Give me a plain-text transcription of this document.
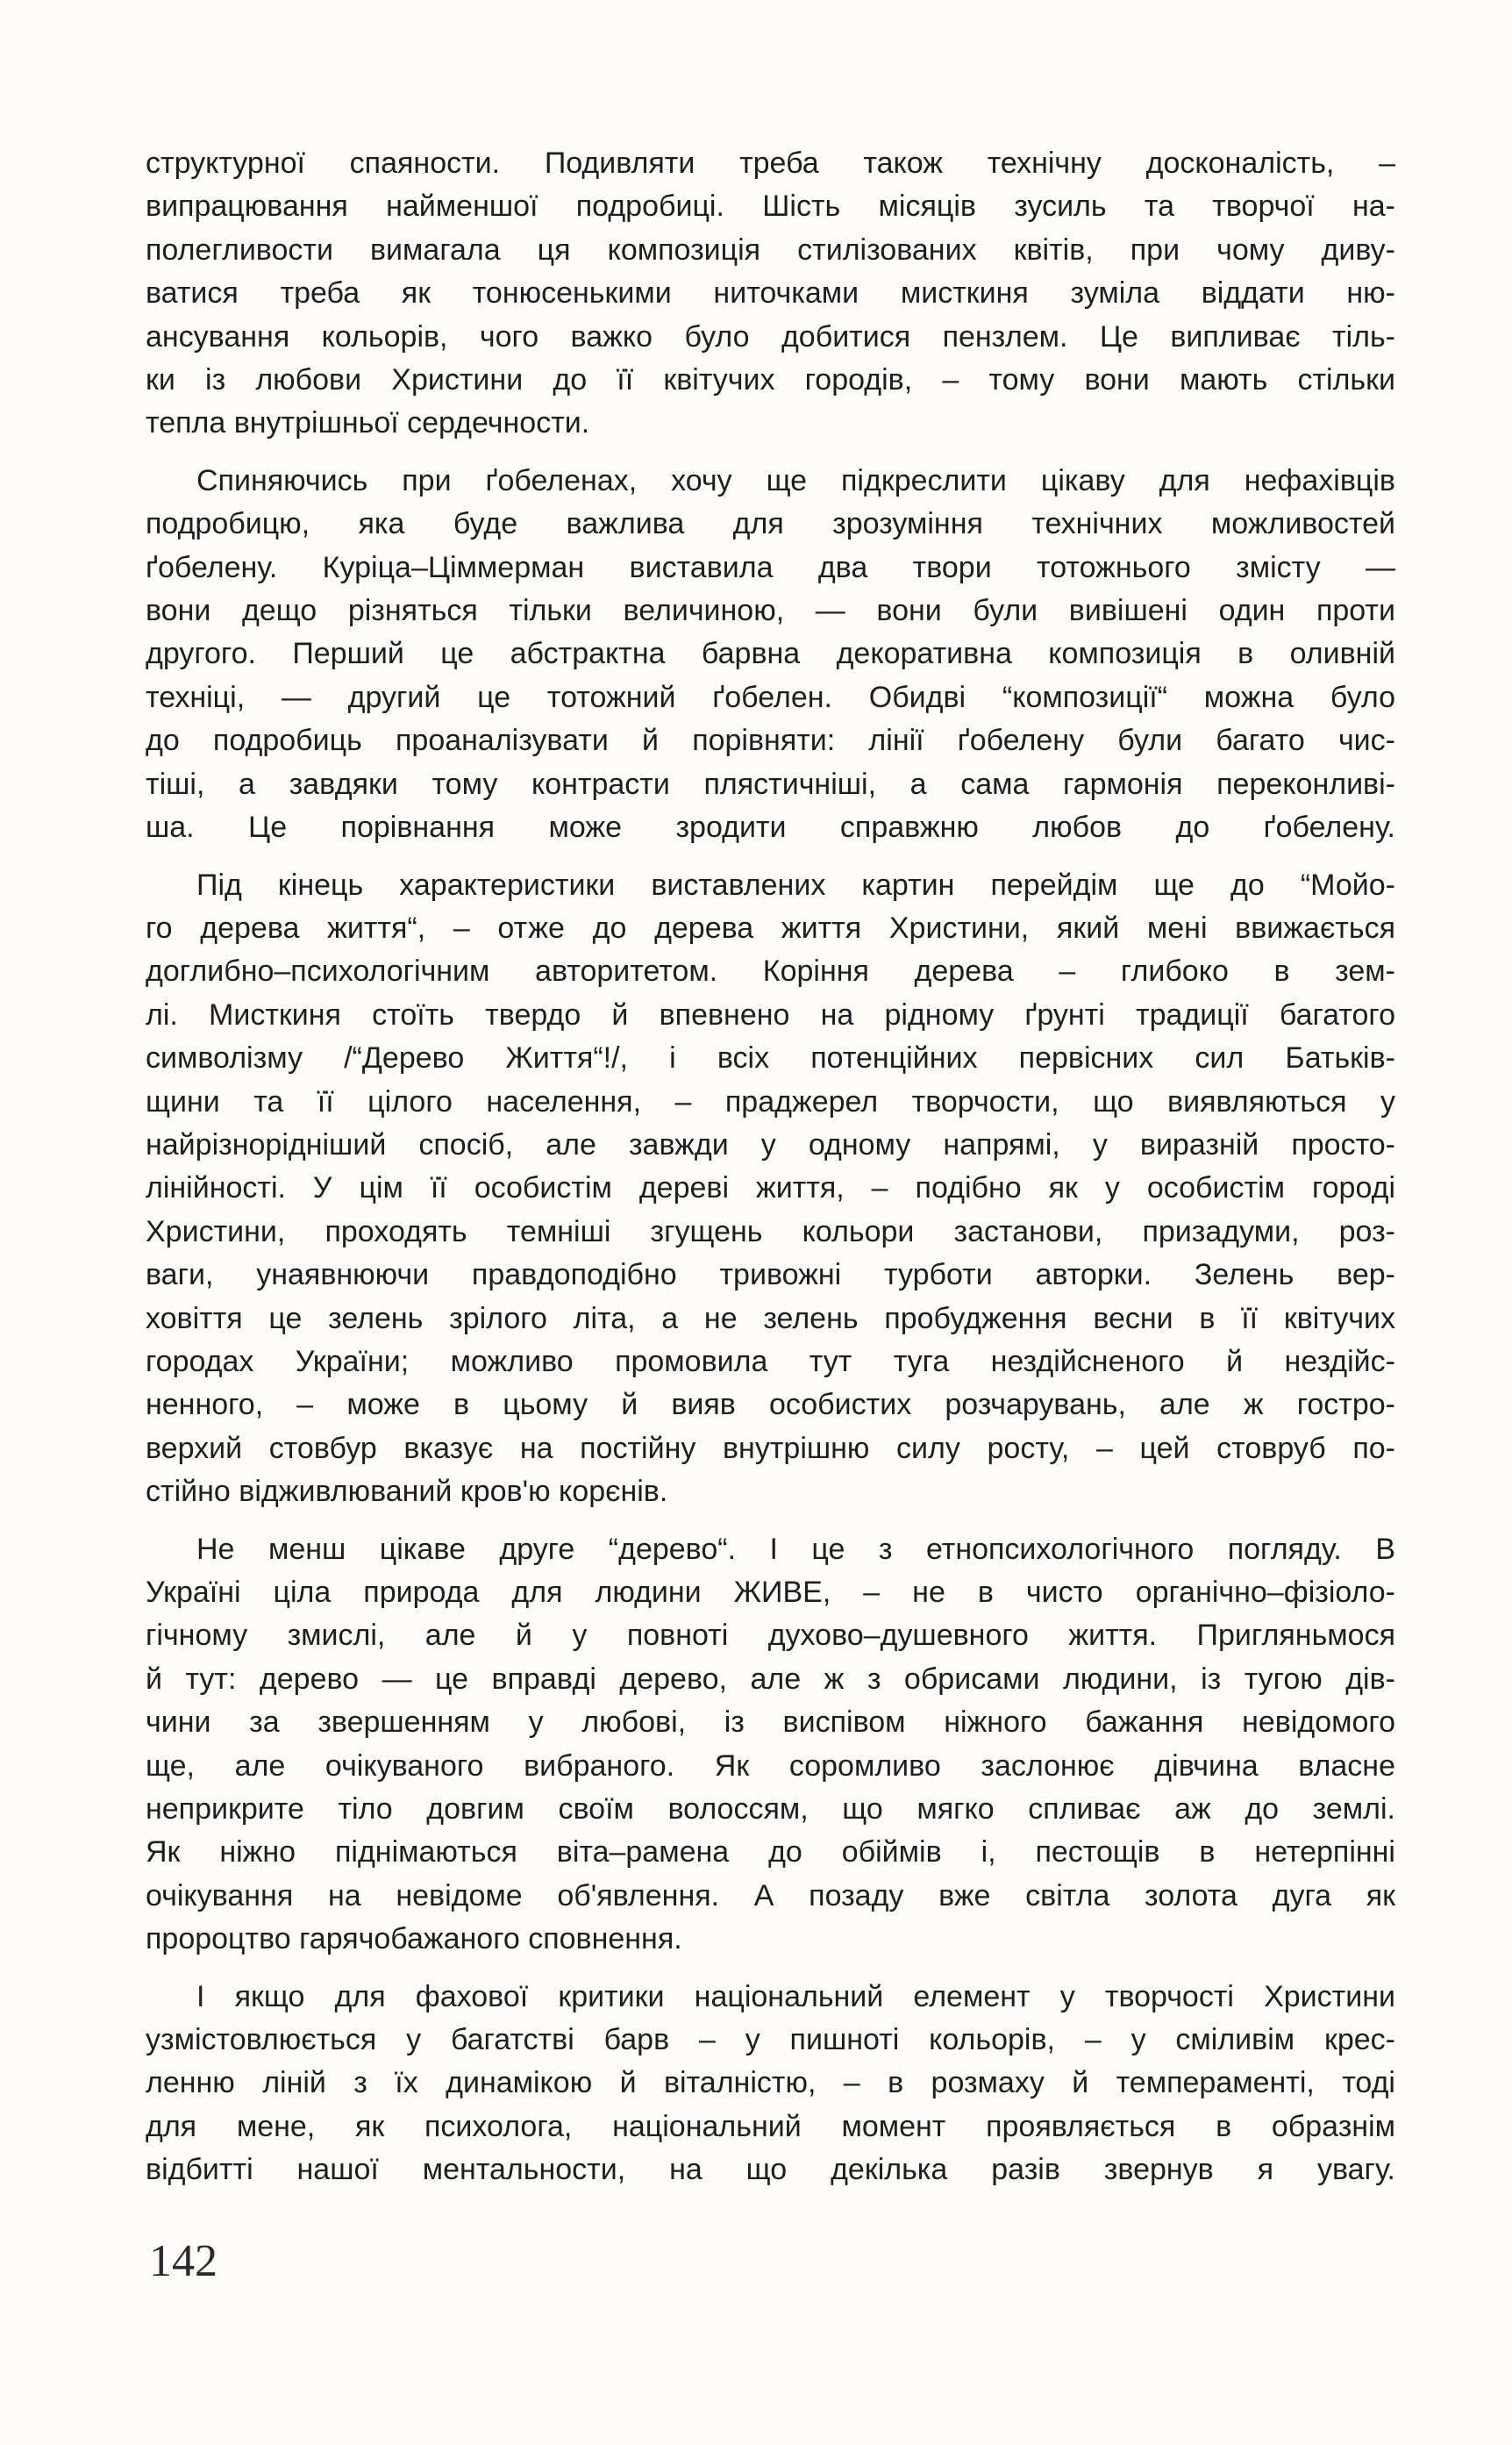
структурної спаяности. Подивляти треба також технічну досконалість, –
випрацювання найменшої подробиці. Шість місяців зусиль та творчої на-
полегливости вимагала ця композиція стилізованих квітів, при чому диву-
ватися треба як тонюсенькими ниточками мисткиня зуміла віддати ню-
ансування кольорів, чого важко було добитися пензлем. Це випливає тіль-
ки із любови Христини до її квітучих городів, – тому вони мають стільки
тепла внутрішньої сердечности.
Спиняючись при ґобеленах, хочу ще підкреслити цікаву для нефахівців
подробицю, яка буде важлива для зрозуміння технічних можливостей
ґобелену. Куріца–Ціммерман виставила два твори тотожнього змісту —
вони дещо різняться тільки величиною, — вони були вивішені один проти
другого. Перший це абстрактна барвна декоративна композиція в оливній
техніці, — другий це тотожний ґобелен. Обидві “композиції“ можна було
до подробиць проаналізувати й порівняти: лінії ґобелену були багато чис-
тіші, а завдяки тому контрасти плястичніші, а сама гармонія переконливі-
ша. Це порівнання може зродити справжню любов до ґобелену.
Під кінець характеристики виставлених картин перейдім ще до “Мойо-
го дерева життя“, – отже до дерева життя Христини, який мені ввижається
доглибно–психологічним авторитетом. Коріння дерева – глибоко в зем-
лі. Мисткиня стоїть твердо й впевнено на рідному ґрунті традиції багатого
символізму /“Дерево Життя“!/, і всіх потенційних первісних сил Батьків-
щини та її цілого населення, – праджерел творчости, що виявляються у
найрізнорідніший спосіб, але завжди у одному напрямі, у виразній просто-
лінійності. У цім її особистім дереві життя, – подібно як у особистім городі
Христини, проходять темніші згущень кольори застанови, призадуми, роз-
ваги, унаявнюючи правдоподібно тривожні турботи авторки. Зелень вер-
ховіття це зелень зрілого літа, а не зелень пробудження весни в її квітучих
городах України; можливо промовила тут туга нездійсненого й нездійс-
ненного, – може в цьому й вияв особистих розчарувань, але ж гостро-
верхий стовбур вказує на постійну внутрішню силу росту, – цей стовруб по-
стійно відживлюваний кров'ю корєнів.
Не менш цікаве друге “дерево“. І це з етнопсихологічного погляду. В
Україні ціла природа для людини ЖИВЕ, – не в чисто органічно–фізіоло-
гічному змислі, але й у повноті духово–душевного життя. Пригляньмося
й тут: дерево — це вправді дерево, але ж з обрисами людини, із тугою дів-
чини за звершенням у любові, із виспівом ніжного бажання невідомого
ще, але очікуваного вибраного. Як соромливо заслонює дівчина власне
неприкрите тіло довгим своїм волоссям, що мягко спливає аж до землі.
Як ніжно піднімаються віта–рамена до обіймів і, пестощів в нетерпінні
очікування на невідоме об'явлення. А позаду вже світла золота дуга як
пророцтво гарячобажаного сповнення.
І якщо для фахової критики національний елемент у творчості Христини
узмістовлюється у багатстві барв – у пишноті кольорів, – у сміливім крес-
ленню ліній з їх динамікою й віталністю, – в розмаху й темпераменті, тоді
для мене, як психолога, національний момент проявляється в образнім
відбитті нашої ментальности, на що декілька разів звернув я увагу.
142
